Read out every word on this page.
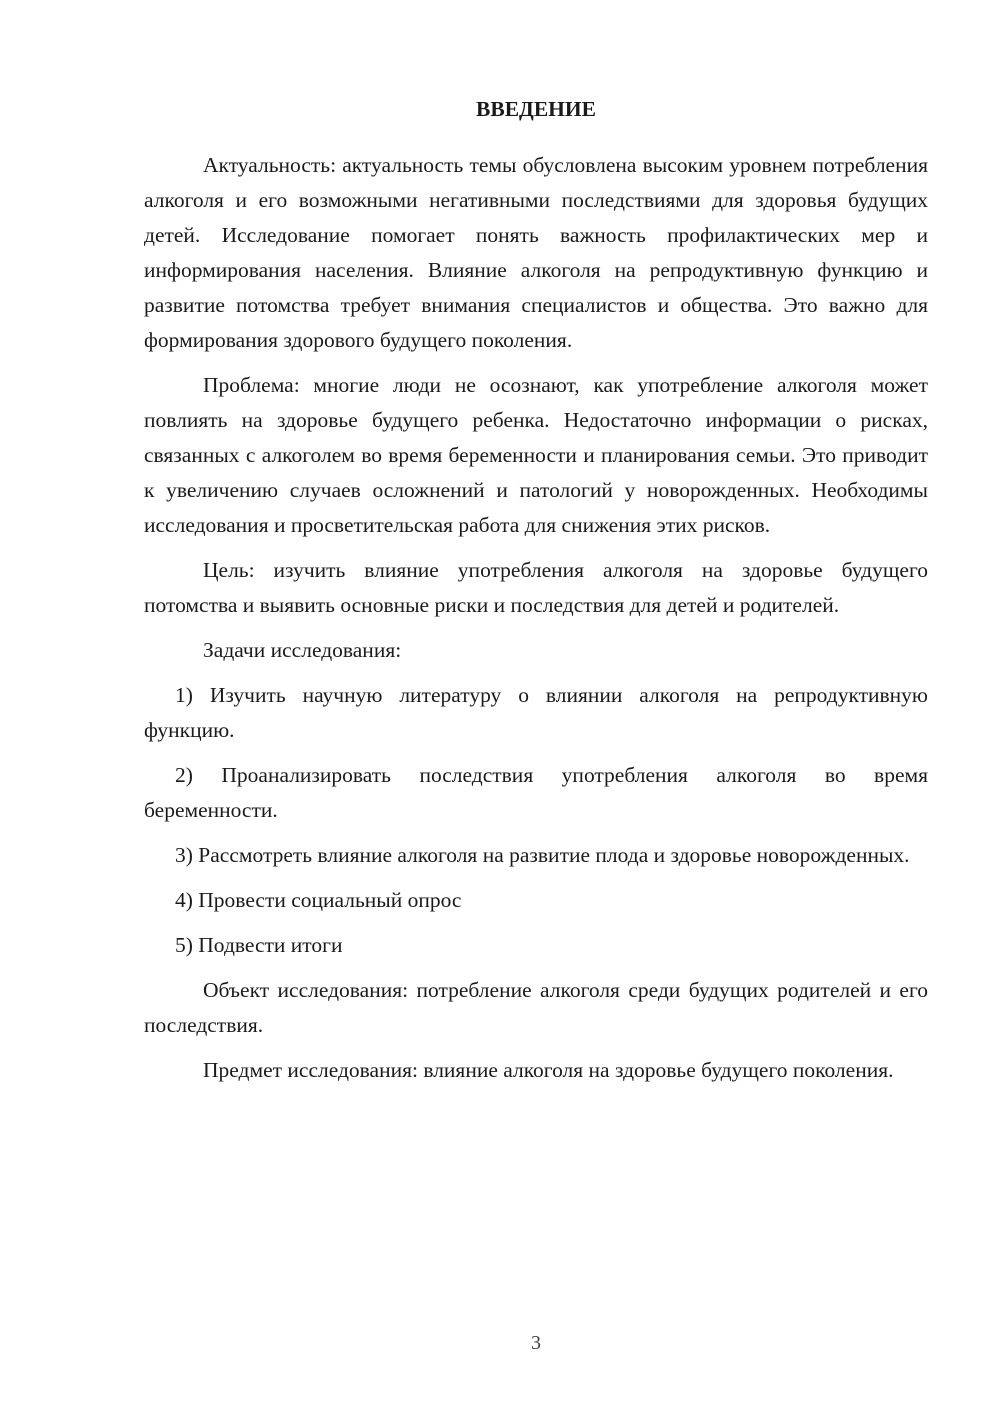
ВВЕДЕНИЕ

Актуальность: актуальность темы обусловлена высоким уровнем потребления алкоголя и его возможными негативными последствиями для здоровья будущих детей. Исследование помогает понять важность профилактических мер и информирования населения. Влияние алкоголя на репродуктивную функцию и развитие потомства требует внимания специалистов и общества. Это важно для формирования здорового будущего поколения.

Проблема: многие люди не осознают, как употребление алкоголя может повлиять на здоровье будущего ребенка. Недостаточно информации о рисках, связанных с алкоголем во время беременности и планирования семьи. Это приводит к увеличению случаев осложнений и патологий у новорожденных. Необходимы исследования и просветительская работа для снижения этих рисков.

Цель: изучить влияние употребления алкоголя на здоровье будущего потомства и выявить основные риски и последствия для детей и родителей.

Задачи исследования:

1) Изучить научную литературу о влиянии алкоголя на репродуктивную функцию.

2) Проанализировать последствия употребления алкоголя во время беременности.

3) Рассмотреть влияние алкоголя на развитие плода и здоровье новорожденных.

4) Провести социальный опрос

5) Подвести итоги

Объект исследования: потребление алкоголя среди будущих родителей и его последствия.

Предмет исследования: влияние алкоголя на здоровье будущего поколения.

3
